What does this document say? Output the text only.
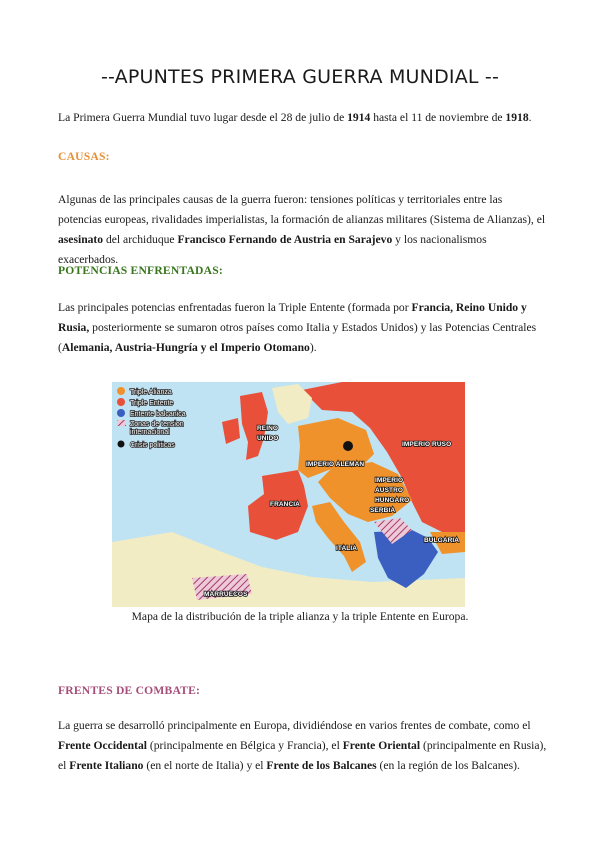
--APUNTES PRIMERA GUERRA MUNDIAL --

La Primera Guerra Mundial tuvo lugar desde el 28 de julio de 1914 hasta el 11 de noviembre de 1918.

CAUSAS:

Algunas de las principales causas de la guerra fueron: tensiones políticas y territoriales entre las potencias europeas, rivalidades imperialistas, la formación de alianzas militares (Sistema de Alianzas), el asesinato del archiduque Francisco Fernando de Austria en Sarajevo y los nacionalismos exacerbados.

POTENCIAS ENFRENTADAS:

Las principales potencias enfrentadas fueron la Triple Entente (formada por Francia, Reino Unido y Rusia, posteriormente se sumaron otros países como Italia y Estados Unidos) y las Potencias Centrales (Alemania, Austria-Hungría y el Imperio Otomano).

Triple Alianza
Triple Entente
Entente balcanica
Zonas de tension
internacional
Crisis politicas
REINO
UNIDO
IMPERIO RUSO
IMPERIO ALEMAN
FRANCIA
IMPERIO
AUSTRO
HUNGARO
SERBIA
BULGARIA
ITALIA
MARRUECOS
Mapa de la distribución de la triple alianza y la triple Entente en Europa.
FRENTES DE COMBATE:

La guerra se desarrolló principalmente en Europa, dividiéndose en varios frentes de combate, como el Frente Occidental (principalmente en Bélgica y Francia), el Frente Oriental (principalmente en Rusia), el Frente Italiano (en el norte de Italia) y el Frente de los Balcanes (en la región de los Balcanes).
